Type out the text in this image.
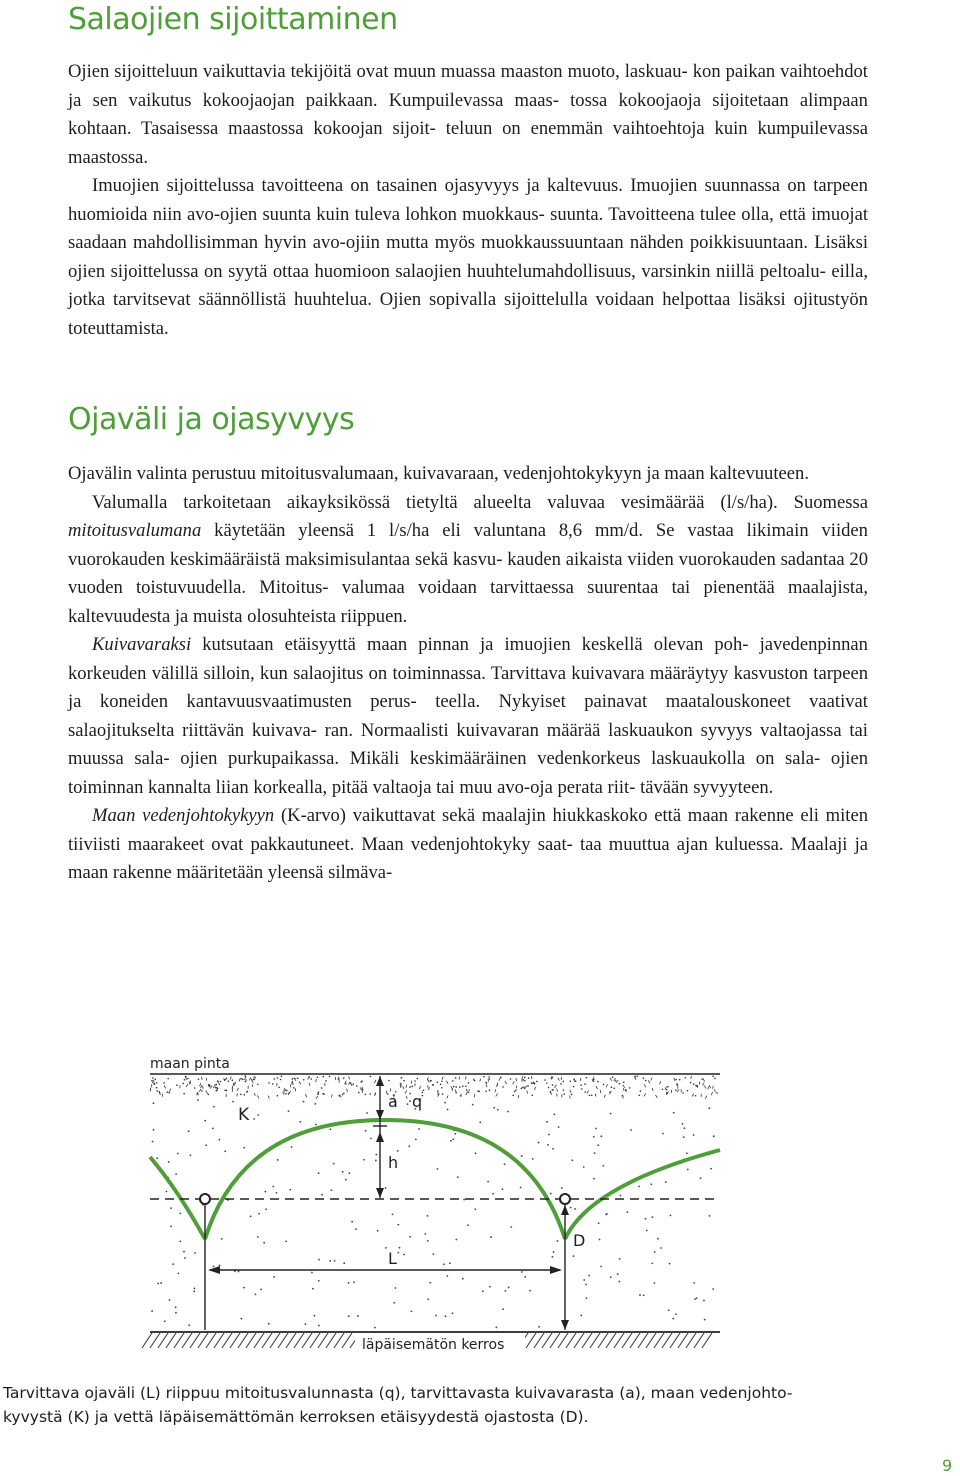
Salaojien sijoittaminen
Ojien sijoitteluun vaikuttavia tekijöitä ovat muun muassa maaston muoto, laskuau- kon paikan vaihtoehdot ja sen vaikutus kokoojaojan paikkaan. Kumpuilevassa maas- tossa kokoojaoja sijoitetaan alimpaan kohtaan. Tasaisessa maastossa kokoojan sijoit- teluun on enemmän vaihtoehtoja kuin kumpuilevassa maastossa.
Imuojien sijoittelussa tavoitteena on tasainen ojasyvyys ja kaltevuus. Imuojien suunnassa on tarpeen huomioida niin avo-ojien suunta kuin tuleva lohkon muokkaus- suunta. Tavoitteena tulee olla, että imuojat saadaan mahdollisimman hyvin avo-ojiin mutta myös muokkaussuuntaan nähden poikkisuuntaan. Lisäksi ojien sijoittelussa on syytä ottaa huomioon salaojien huuhtelumahdollisuus, varsinkin niillä peltoalu- eilla, jotka tarvitsevat säännöllistä huuhtelua. Ojien sopivalla sijoittelulla voidaan helpottaa lisäksi ojitustyön toteuttamista.
Ojaväli ja ojasyvyys
Ojavälin valinta perustuu mitoitusvalumaan, kuivavaraan, vedenjohtokykyyn ja maan kaltevuuteen.
Valumalla tarkoitetaan aikayksikössä tietyltä alueelta valuvaa vesimäärää (l/s/ha). Suomessa mitoitusvalumana käytetään yleensä 1 l/s/ha eli valuntana 8,6 mm/d. Se vastaa likimain viiden vuorokauden keskimääräistä maksimisulantaa sekä kasvu- kauden aikaista viiden vuorokauden sadantaa 20 vuoden toistuvuudella. Mitoitus- valumaa voidaan tarvittaessa suurentaa tai pienentää maalajista, kaltevuudesta ja muista olosuhteista riippuen.
Kuivavaraksi kutsutaan etäisyyttä maan pinnan ja imuojien keskellä olevan poh- javedenpinnan korkeuden välillä silloin, kun salaojitus on toiminnassa. Tarvittava kuivavara määräytyy kasvuston tarpeen ja koneiden kantavuusvaatimusten perus- teella. Nykyiset painavat maatalouskoneet vaativat salaojitukselta riittävän kuivava- ran. Normaalisti kuivavaran määrää laskuaukon syvyys valtaojassa tai muussa sala- ojien purkupaikassa. Mikäli keskimääräinen vedenkorkeus laskuaukolla on sala- ojien toiminnan kannalta liian korkealla, pitää valtaoja tai muu avo-oja perata riit- tävään syvyyteen.
Maan vedenjohtokykyyn (K-arvo) vaikuttavat sekä maalajin hiukkaskoko että maan rakenne eli miten tiiviisti maarakeet ovat pakkautuneet. Maan vedenjohtokyky saat- taa muuttua ajan kuluessa. Maalaji ja maan rakenne määritetään yleensä silmäva-
maan pinta
K
a q
h
L
D
läpäisemätön kerros
Tarvittava ojaväli (L) riippuu mitoitusvalunnasta (q), tarvittavasta kuivavarasta (a), maan vedenjohto-
kyvystä (K) ja vettä läpäisemättömän kerroksen etäisyydestä ojastosta (D).
9
